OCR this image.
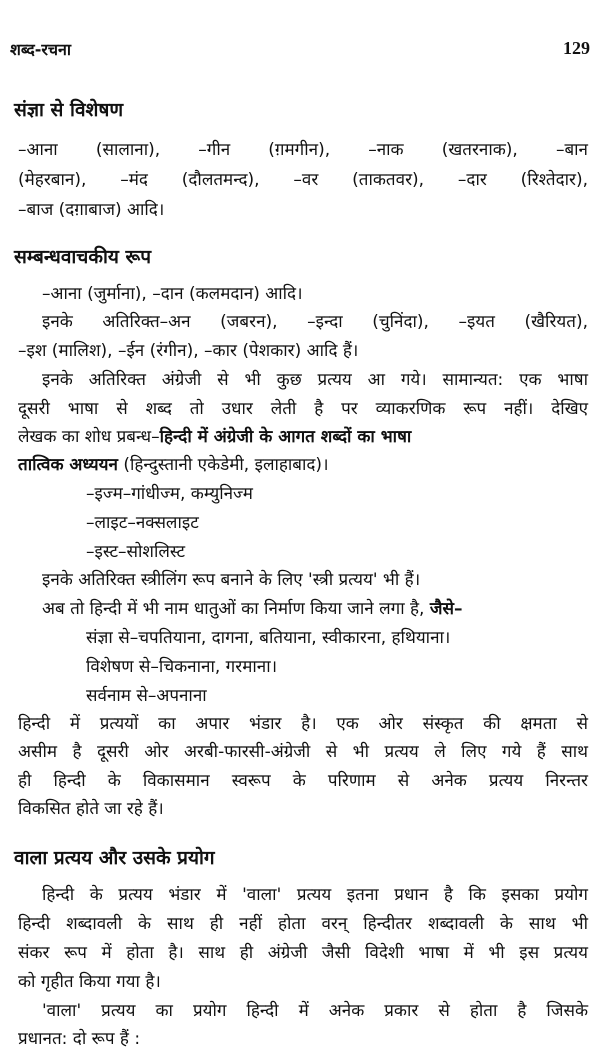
शब्द-रचना	129
संज्ञा से विशेषण
–आना (सालाना), –गीन (ग़मगीन), –नाक (खतरनाक), –बान
(मेहरबान), –मंद (दौलतमन्द), –वर (ताकतवर), –दार (रिश्तेदार),
–बाज (दग़ाबाज) आदि।
सम्बन्धवाचकीय रूप
–आना (जुर्माना), –दान (कलमदान) आदि।
इनके अतिरिक्त–अन (जबरन), –इन्दा (चुनिंदा), –इयत (खैरियत),
–इश (मालिश), –ईन (रंगीन), –कार (पेशकार) आदि हैं।
इनके अतिरिक्त अंग्रेजी से भी कुछ प्रत्यय आ गये। सामान्यत: एक भाषा
दूसरी भाषा से शब्द तो उधार लेती है पर व्याकरणिक रूप नहीं। देखिए
लेखक का शोध प्रबन्ध–हिन्दी में अंग्रेजी के आगत शब्दों का भाषा
तात्विक अध्ययन (हिन्दुस्तानी एकेडेमी, इलाहाबाद)।
–इज्म–गांधीज्म, कम्युनिज्म
–लाइट–नक्सलाइट
–इस्ट–सोशलिस्ट
इनके अतिरिक्त स्त्रीलिंग रूप बनाने के लिए 'स्त्री प्रत्यय' भी हैं।
अब तो हिन्दी में भी नाम धातुओं का निर्माण किया जाने लगा है, जैसे–
संज्ञा से–चपतियाना, दागना, बतियाना, स्वीकारना, हथियाना।
विशेषण से–चिकनाना, गरमाना।
सर्वनाम से–अपनाना
हिन्दी में प्रत्ययों का अपार भंडार है। एक ओर संस्कृत की क्षमता से
असीम है दूसरी ओर अरबी-फारसी-अंग्रेजी से भी प्रत्यय ले लिए गये हैं साथ
ही हिन्दी के विकासमान स्वरूप के परिणाम से अनेक प्रत्यय निरन्तर
विकसित होते जा रहे हैं।
वाला प्रत्यय और उसके प्रयोग
हिन्दी के प्रत्यय भंडार में 'वाला' प्रत्यय इतना प्रधान है कि इसका प्रयोग
हिन्दी शब्दावली के साथ ही नहीं होता वरन् हिन्दीतर शब्दावली के साथ भी
संकर रूप में होता है। साथ ही अंग्रेजी जैसी विदेशी भाषा में भी इस प्रत्यय
को गृहीत किया गया है।
'वाला' प्रत्यय का प्रयोग हिन्दी में अनेक प्रकार से होता है जिसके
प्रधानत: दो रूप हैं :
